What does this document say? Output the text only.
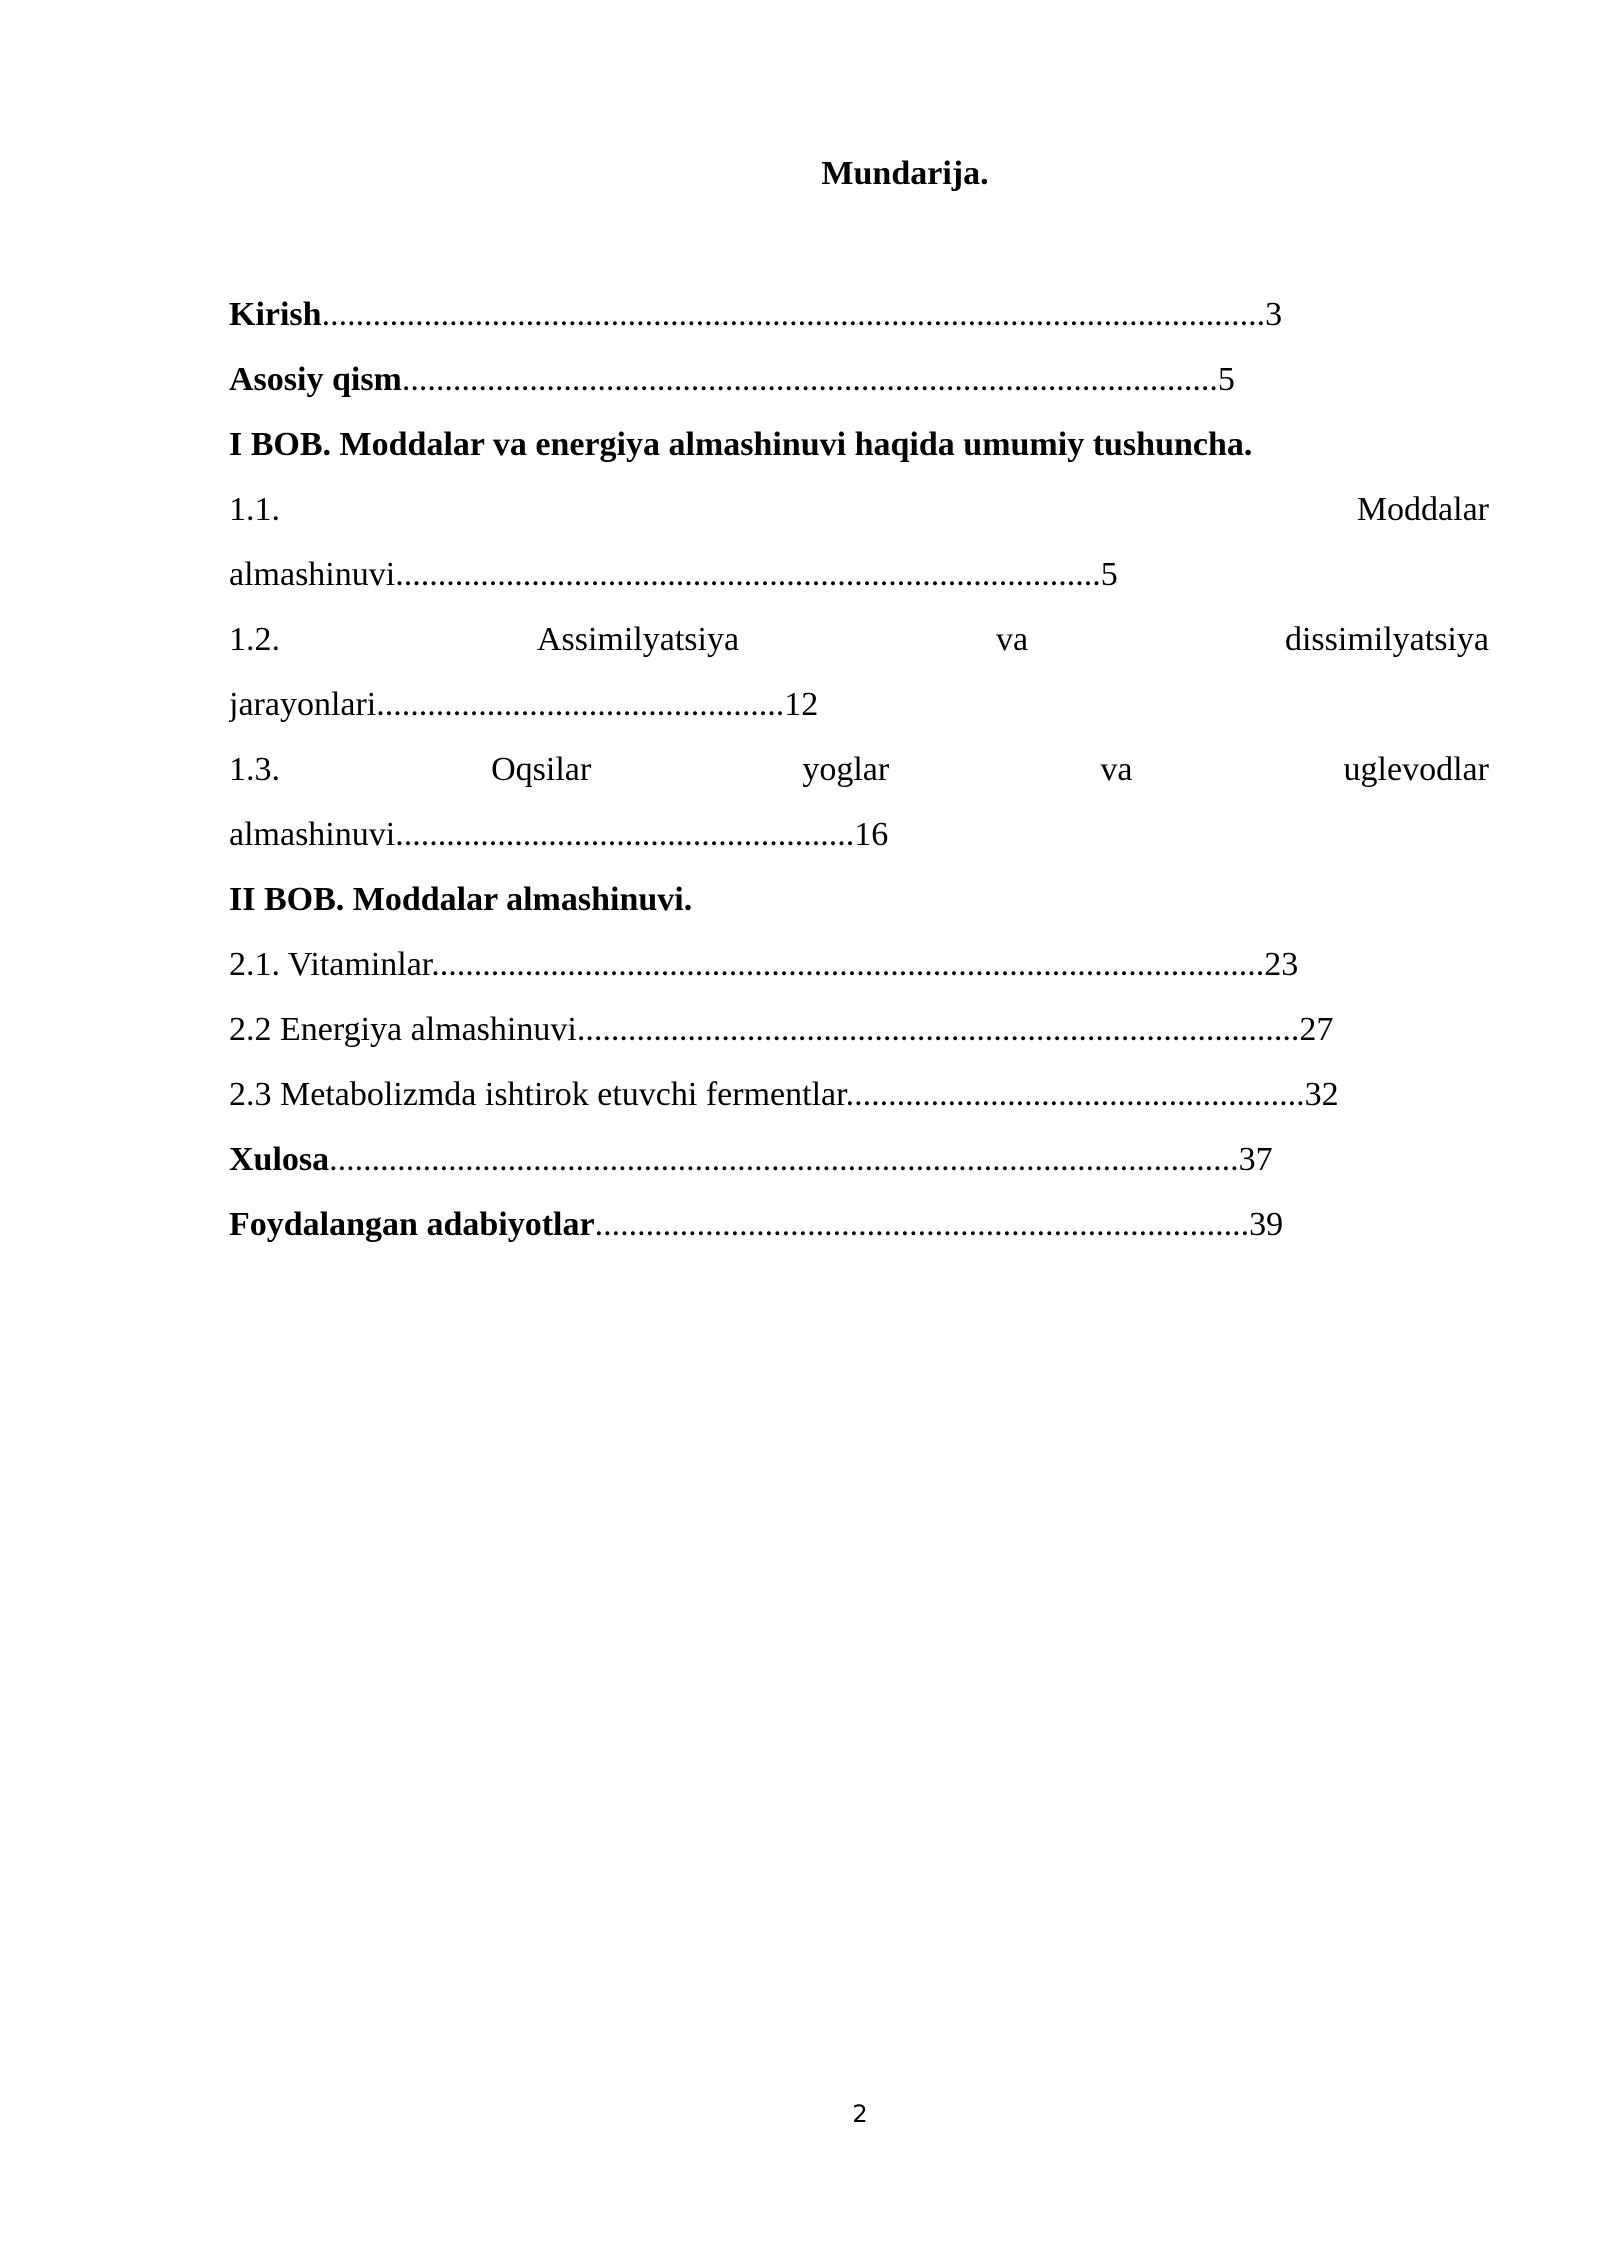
Mundarija.
Kirish...............................................................................................................3
Asosiy qism................................................................................................5
I BOB. Moddalar va energiya almashinuvi haqida umumiy tushuncha.
1.1.	Moddalar
almashinuvi...................................................................................5
1.2.	Assimilyatsiya	va	dissimilyatsiya
jarayonlari................................................12
1.3.	Oqsilar	yoglar	va	uglevodlar
almashinuvi......................................................16
II BOB. Moddalar almashinuvi.
2.1. Vitaminlar..................................................................................................23
2.2 Energiya almashinuvi.....................................................................................27
2.3 Metabolizmda ishtirok etuvchi fermentlar......................................................32
Xulosa...........................................................................................................37
Foydalangan adabiyotlar.............................................................................39
2
